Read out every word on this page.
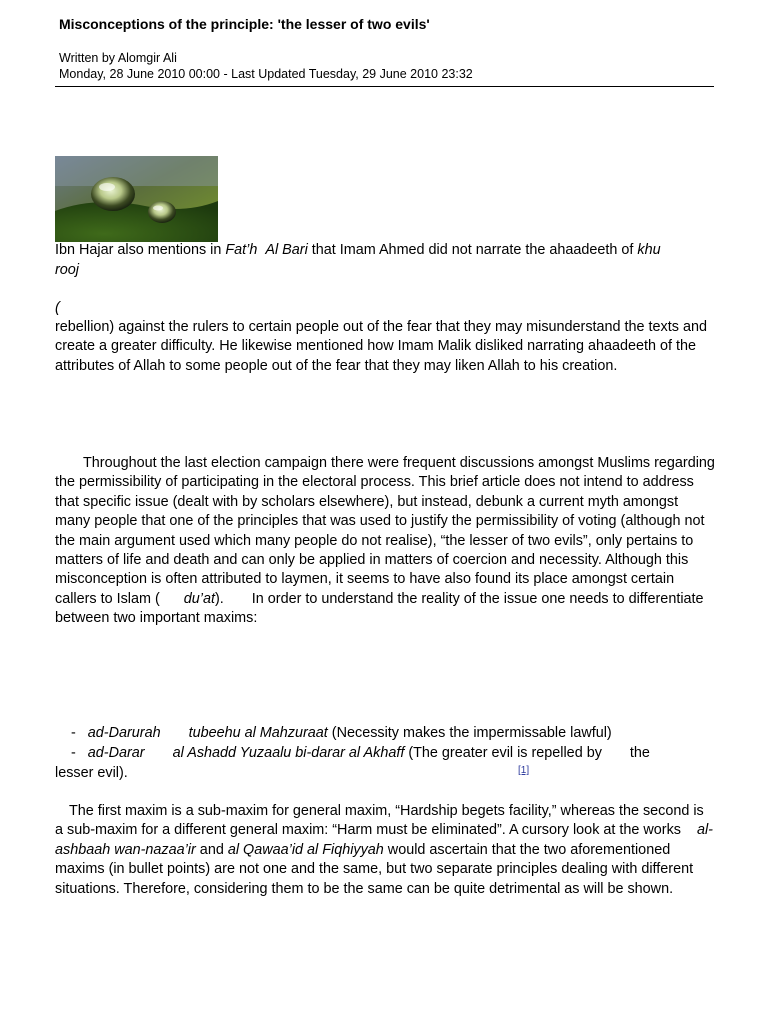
Misconceptions of the principle: 'the lesser of two evils'
Written by Alomgir Ali
Monday, 28 June 2010 00:00 - Last Updated Tuesday, 29 June 2010 23:32
Ibn Hajar also mentions in Fat’h Al Bari that Imam Ahmed did not narrate the ahaadeeth of khu
rooj
(
rebellion) against the rulers to certain people out of the fear that they may misunderstand the texts and create a greater difficulty. He likewise mentioned how Imam Malik disliked narrating ahaadeeth of the attributes of Allah to some people out of the fear that they may liken Allah to his creation.
Throughout the last election campaign there were frequent discussions amongst Muslims regarding the permissibility of participating in the electoral process. This brief article does not intend to address that specific issue (dealt with by scholars elsewhere), but instead, debunk a current myth amongst many people that one of the principles that was used to justify the permissibility of voting (although not the main argument used which many people do not realise), “the lesser of two evils”, only pertains to matters of life and death and can only be applied in matters of coercion and necessity. Although this misconception is often attributed to laymen, it seems to have also found its place amongst certain callers to Islam ( du’at). In order to understand the reality of the issue one needs to differentiate between two important maxims:
- ad-Darurah tubeehu al Mahzuraat (Necessity makes the impermissable lawful)
- ad-Darar al Ashadd Yuzaalu bi-darar al Akhaff (The greater evil is repelled by the
lesser evil).	[1]
The first maxim is a sub-maxim for general maxim, “Hardship begets facility,” whereas the second is a sub-maxim for a different general maxim: “Harm must be eliminated”. A cursory look at the works    al-ashbaah wan-nazaa’ir and al Qawaa’id al Fiqhiyyah would ascertain that the two aforementioned maxims (in bullet points) are not one and the same, but two separate principles dealing with different situations. Therefore, considering them to be the same can be quite detrimental as will be shown.
